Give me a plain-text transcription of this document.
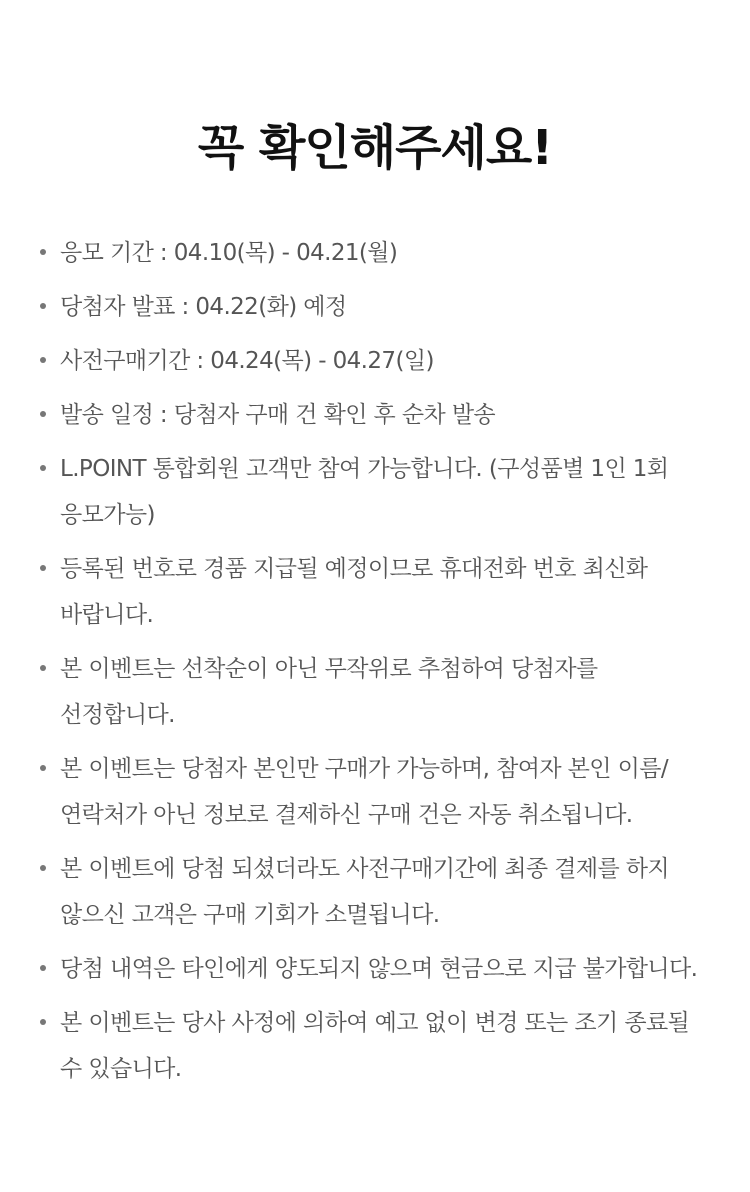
꼭 확인해주세요!
응모 기간 : 04.10(목) - 04.21(월)
당첨자 발표 : 04.22(화) 예정
사전구매기간 : 04.24(목) - 04.27(일)
발송 일정 : 당첨자 구매 건 확인 후 순차 발송
L.POINT 통합회원 고객만 참여 가능합니다. (구성품별 1인 1회 응모가능)
등록된 번호로 경품 지급될 예정이므로 휴대전화 번호 최신화 바랍니다.
본 이벤트는 선착순이 아닌 무작위로 추첨하여 당첨자를 선정합니다.
본 이벤트는 당첨자 본인만 구매가 가능하며, 참여자 본인 이름/연락처가 아닌 정보로 결제하신 구매 건은 자동 취소됩니다.
본 이벤트에 당첨 되셨더라도 사전구매기간에 최종 결제를 하지 않으신 고객은 구매 기회가 소멸됩니다.
당첨 내역은 타인에게 양도되지 않으며 현금으로 지급 불가합니다.
본 이벤트는 당사 사정에 의하여 예고 없이 변경 또는 조기 종료될 수 있습니다.
